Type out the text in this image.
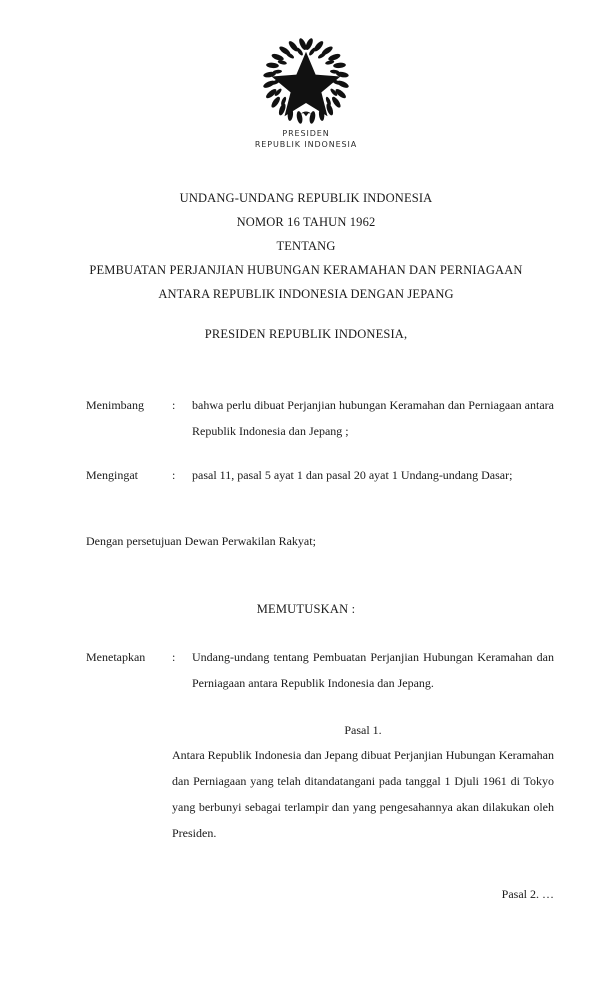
PRESIDEN
REPUBLIK INDONESIA
UNDANG-UNDANG REPUBLIK INDONESIA
NOMOR 16 TAHUN 1962
TENTANG
PEMBUATAN PERJANJIAN HUBUNGAN KERAMAHAN DAN PERNIAGAAN
ANTARA REPUBLIK INDONESIA DENGAN JEPANG
PRESIDEN REPUBLIK INDONESIA,
Menimbang	:	bahwa perlu dibuat Perjanjian hubungan Keramahan dan Perniagaan antara Republik Indonesia dan Jepang ;
Mengingat	:	pasal 11, pasal 5 ayat 1 dan pasal 20 ayat 1 Undang-undang Dasar;
Dengan persetujuan Dewan Perwakilan Rakyat;
MEMUTUSKAN :
Menetapkan	:	Undang-undang tentang Pembuatan Perjanjian Hubungan Keramahan dan Perniagaan antara Republik Indonesia dan Jepang.
Pasal 1.
Antara Republik Indonesia dan Jepang dibuat Perjanjian Hubungan Keramahan dan Perniagaan yang telah ditandatangani pada tanggal 1 Djuli 1961 di Tokyo yang berbunyi sebagai terlampir dan yang pengesahannya akan dilakukan oleh Presiden.
Pasal 2. …
